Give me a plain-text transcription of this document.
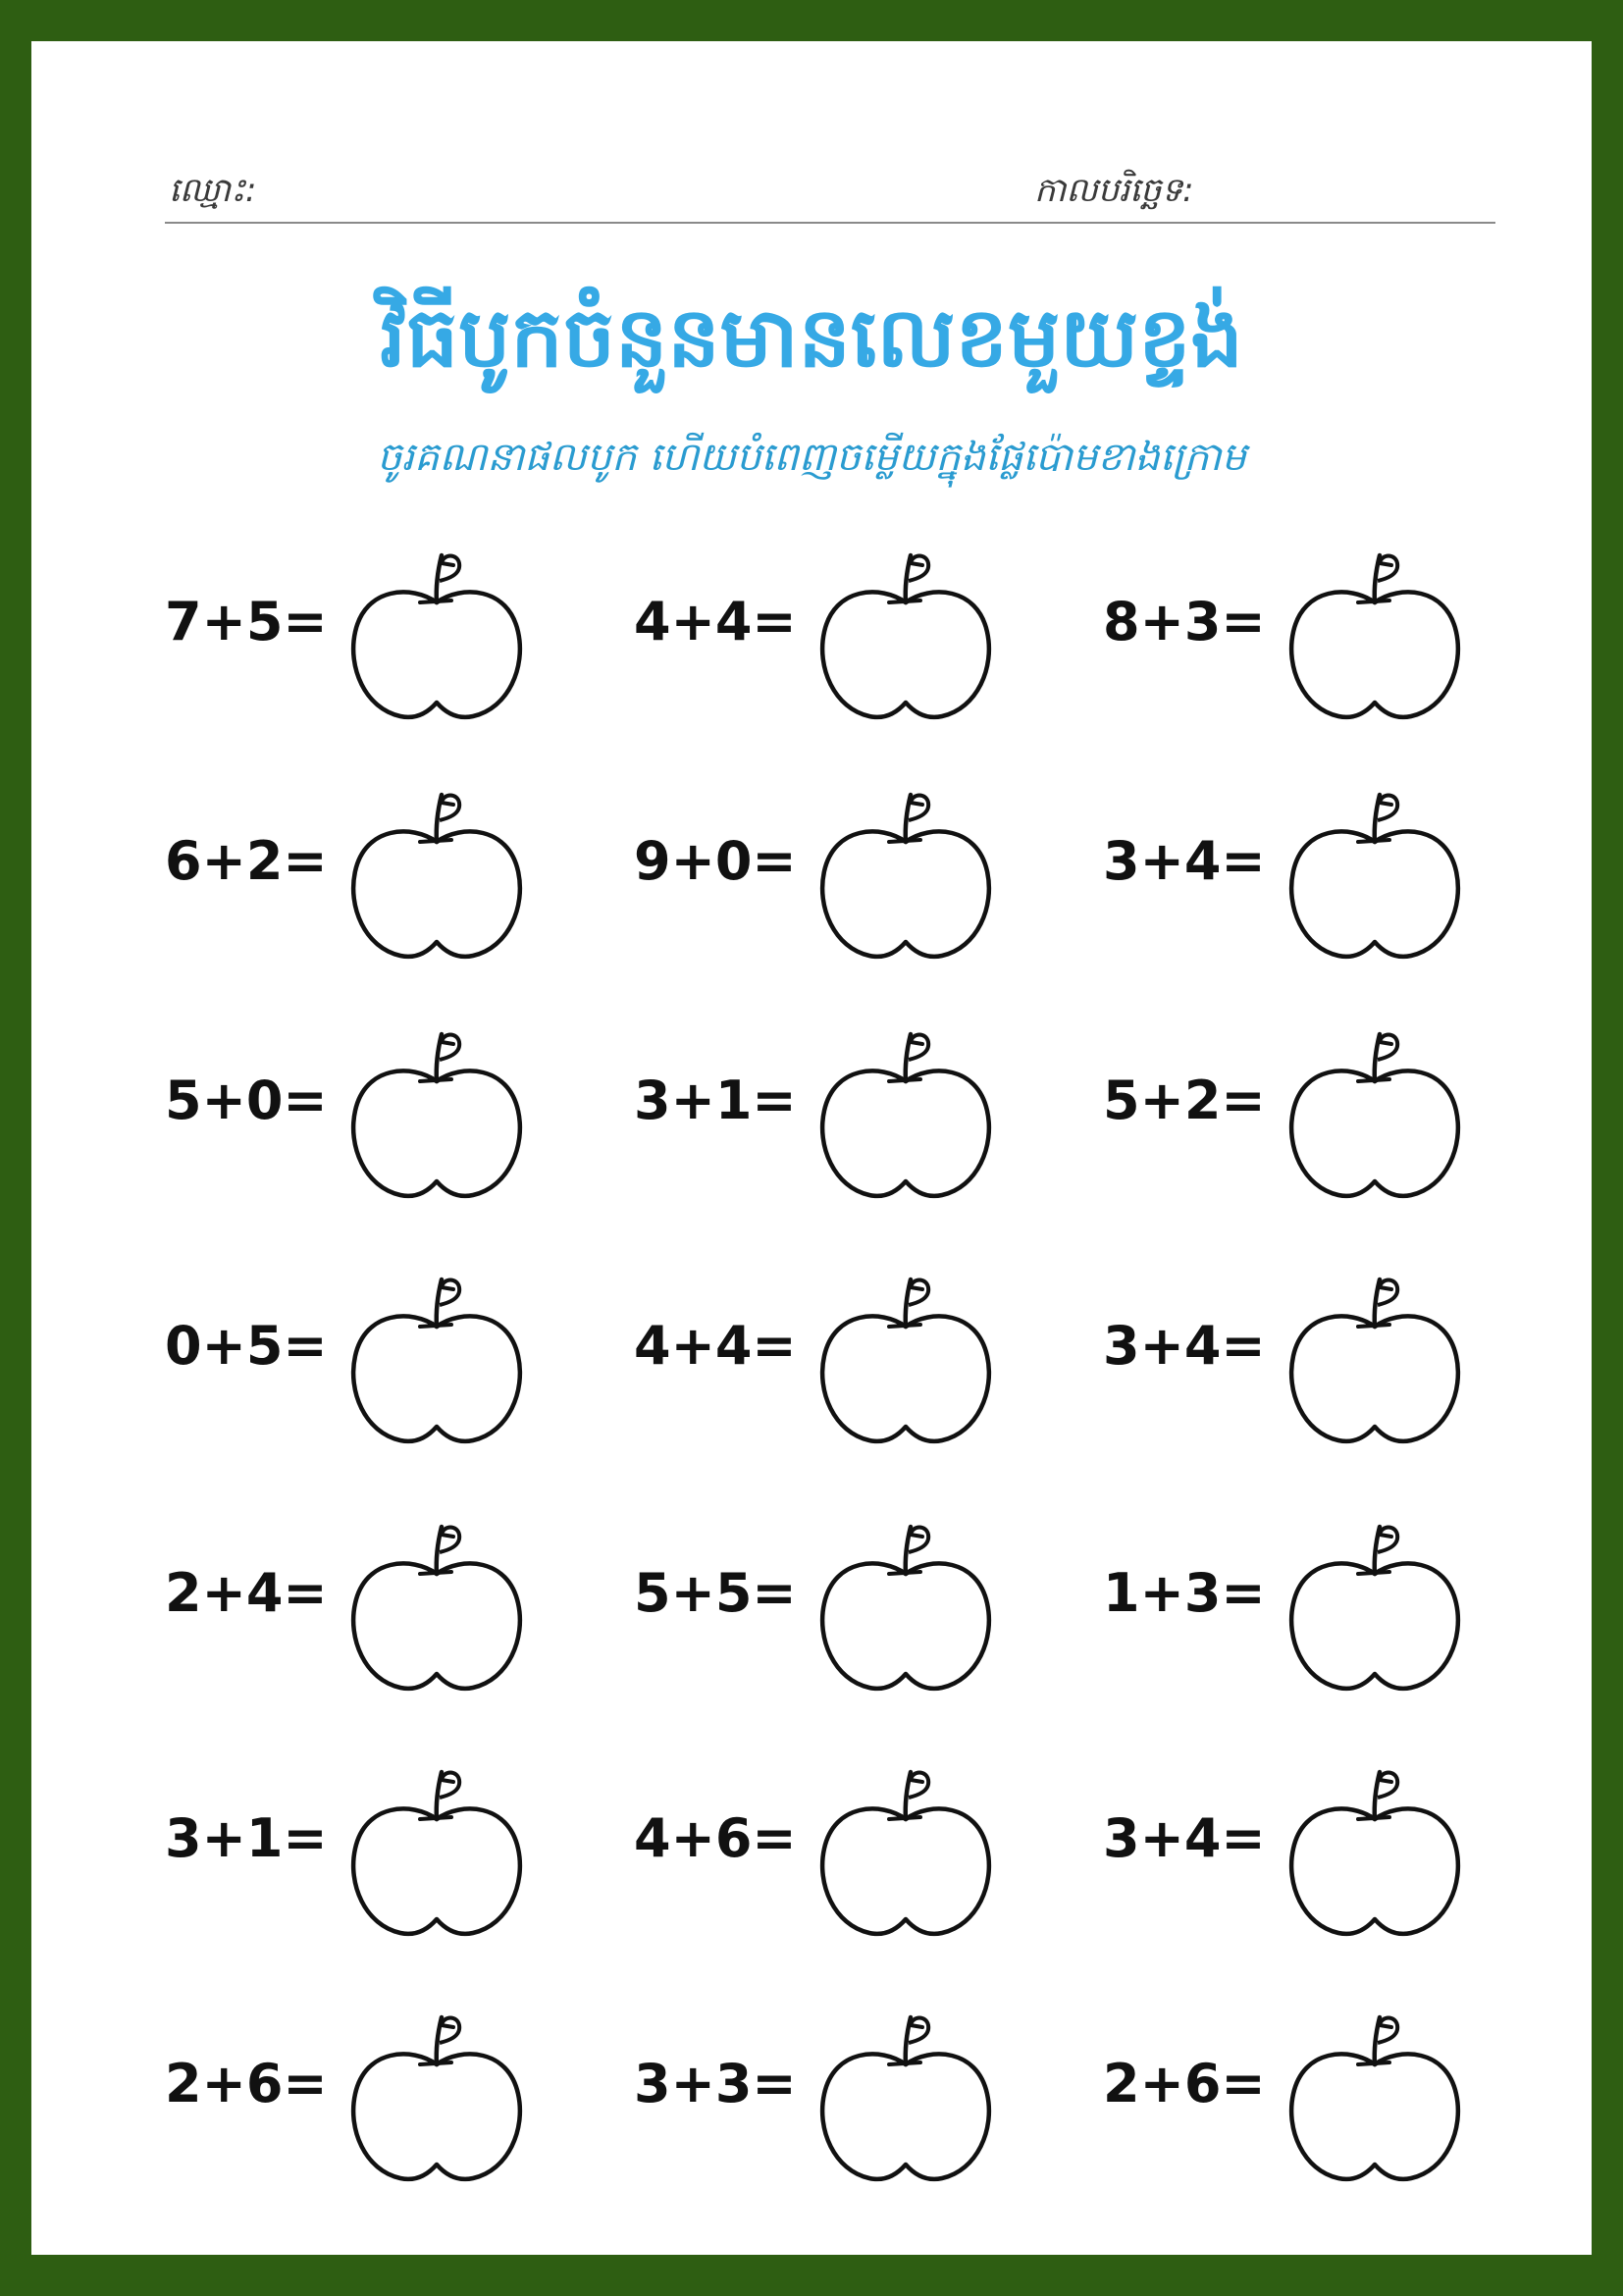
ឈ្មោះ:	កាលបរិច្ឆេទ:
វិធីបូកចំនួនមានលេខមួយខ្ទង់
ចូរគណនាផលបូក ហើយបំពេញចម្លើយក្នុងផ្លែប៉ោមខាងក្រោម
7+5=	4+4=	8+3=
6+2=	9+0=	3+4=
5+0=	3+1=	5+2=
0+5=	4+4=	3+4=
2+4=	5+5=	1+3=
3+1=	4+6=	3+4=
2+6=	3+3=	2+6=
